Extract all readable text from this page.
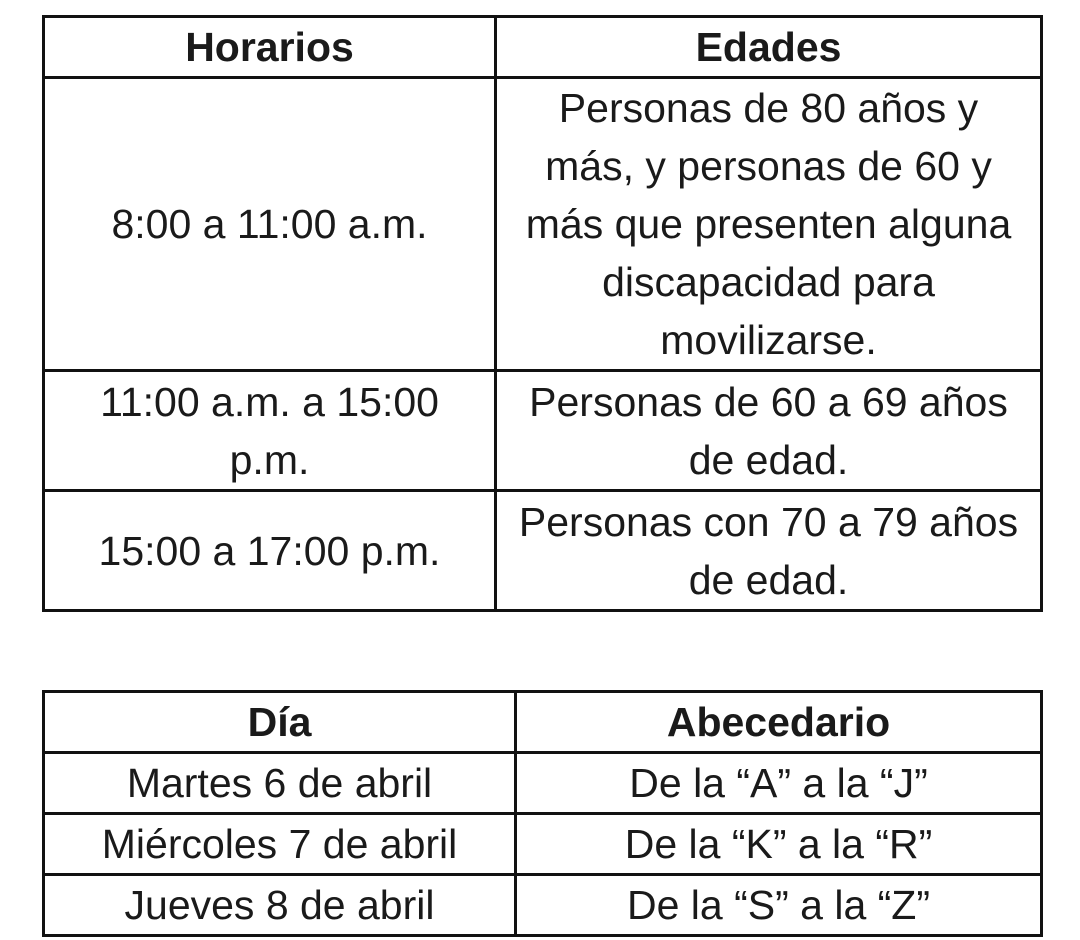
Horarios	Edades
8:00 a 11:00 a.m.	Personas de 80 años y más, y personas de 60 y más que presenten alguna discapacidad para movilizarse.
11:00 a.m. a 15:00 p.m.	Personas de 60 a 69 años de edad.
15:00 a 17:00 p.m.	Personas con 70 a 79 años de edad.
Día	Abecedario
Martes 6 de abril	De la “A” a la “J”
Miércoles 7 de abril	De la “K” a la “R”
Jueves 8 de abril	De la “S” a la “Z”
